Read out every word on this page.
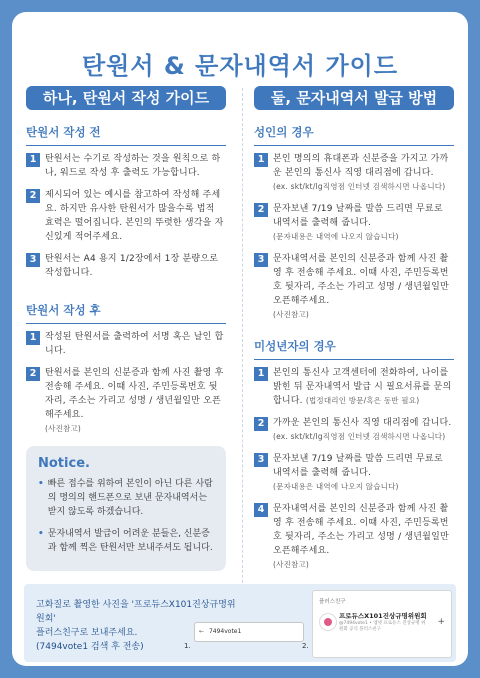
탄원서 & 문자내역서 가이드
하나, 탄원서 작성 가이드
탄원서 작성 전
1 탄원서는 수기로 작성하는 것을 원칙으로 하나, 워드로 작성 후 출력도 가능합니다.
2 제시되어 있는 예시를 참고하여 작성해 주세요. 하지만 유사한 탄원서가 많을수록 법적 효력은 떨어집니다. 본인의 뚜렷한 생각을 자신있게 적어주세요.
3 탄원서는 A4 용지 1/2장에서 1장 분량으로 작성합니다.
탄원서 작성 후
1 작성된 탄원서를 출력하여 서명 혹은 날인 합니다.
2 탄원서를 본인의 신분증과 함께 사진 촬영 후 전송해 주세요. 이때 사진, 주민등록번호 뒷자리, 주소는 가리고 성명 / 생년월일만 오픈해주세요.
(사진참고)
Notice.
• 빠른 접수를 위하여 본인이 아닌 다른 사람의 명의의 핸드폰으로 보낸 문자내역서는 받지 않도록 하겠습니다.
• 문자내역서 발급이 어려운 분들은, 신분증과 함께 찍은 탄원서만 보내주셔도 됩니다.
둘, 문자내역서 발급 방법
성인의 경우
1 본인 명의의 휴대폰과 신분증을 가지고 가까운 본인의 통신사 직영 대리점에 갑니다.
(ex. skt/kt/lg직영점 인터넷 검색하시면 나옵니다)
2 문자보낸 7/19 날짜를 말씀 드리면 무료로 내역서를 출력해 줍니다.
(문자내용은 내역에 나오지 않습니다)
3 문자내역서를 본인의 신분증과 함께 사진 촬영 후 전송해 주세요. 이때 사진, 주민등록번호 뒷자리, 주소는 가리고 성명 / 생년월일만 오픈해주세요.
(사진참고)
미성년자의 경우
1 본인의 통신사 고객센터에 전화하여, 나이를 밝힌 뒤 문자내역서 발급 시 필요서류를 문의합니다. (법정대리인 방문/혹은 동반 필요)
2 가까운 본인의 통신사 직영 대리점에 갑니다.
(ex. skt/kt/lg직영점 인터넷 검색하시면 나옵니다)
3 문자보낸 7/19 날짜를 말씀 드리면 무료로 내역서를 출력해 줍니다.
(문자내용은 내역에 나오지 않습니다)
4 문자내역서를 본인의 신분증과 함께 사진 촬영 후 전송해 주세요. 이때 사진, 주민등록번호 뒷자리, 주소는 가리고 성명 / 생년월일만 오픈해주세요.
(사진참고)
고화질로 촬영한 사진을 '프로듀스X101진상규명위원회'
플러스친구로 보내주세요.
(7494vote1 검색 후 전송)	1.
← 7494vote1
2.
플러스친구
프로듀스X101진상규명위원회
@7494vote1 • 엠넷 프로듀스 진상규명 위원회 공식 플러스친구
+
